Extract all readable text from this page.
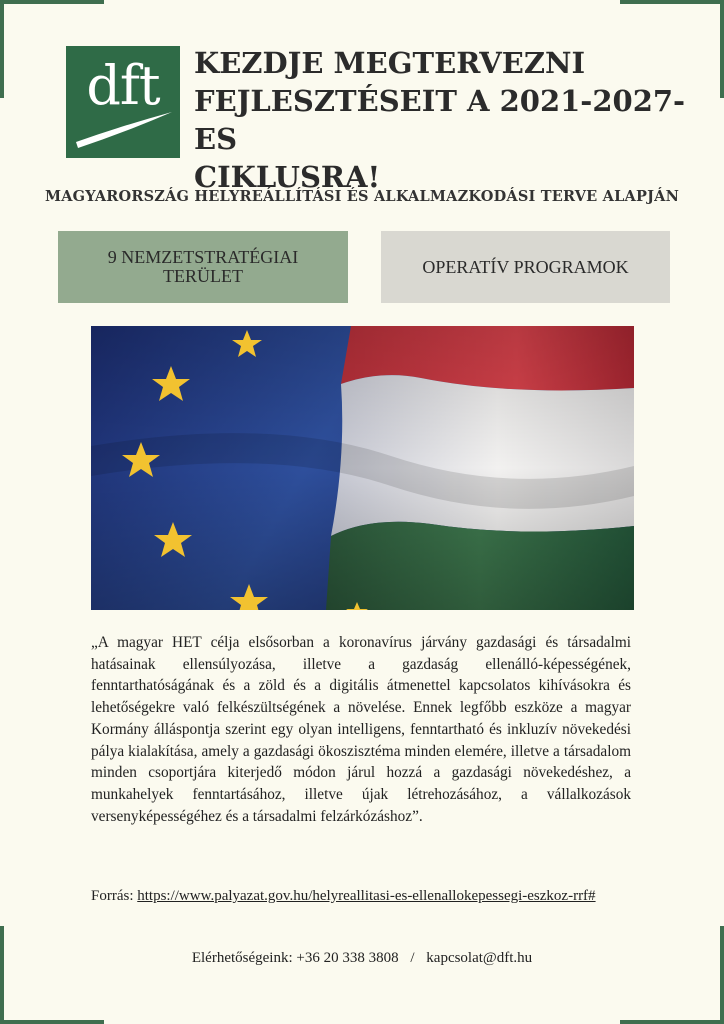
dft	KEZDJE MEGTERVEZNI
FEJLESZTÉSEIT A 2021-2027-ES
CIKLUSRA!
MAGYARORSZÁG HELYREÁLLÍTÁSI ÉS ALKALMAZKODÁSI TERVE ALAPJÁN
9 NEMZETSTRATÉGIAI
TERÜLET	OPERATÍV PROGRAMOK

„A magyar HET célja elsősorban a koronavírus járvány gazdasági és társadalmi hatásainak ellensúlyozása, illetve a gazdaság ellenálló-képességének, fenntarthatóságának és a zöld és a digitális átmenettel kapcsolatos kihívásokra és lehetőségekre való felkészültségének a növelése. Ennek legfőbb eszköze a magyar Kormány álláspontja szerint egy olyan intelligens, fenntartható és inkluzív növekedési pálya kialakítása, amely a gazdasági ökoszisztéma minden elemére, illetve a társadalom minden csoportjára kiterjedő módon járul hozzá a gazdasági növekedéshez, a munkahelyek fenntartásához, illetve újak létrehozásához, a vállalkozások versenyképességéhez és a társadalmi felzárkózáshoz”.

Forrás: https://www.palyazat.gov.hu/helyreallitasi-es-ellenallokepessegi-eszkoz-rrf#
Elérhetőségeink: +36 20 338 3808 / kapcsolat@dft.hu
